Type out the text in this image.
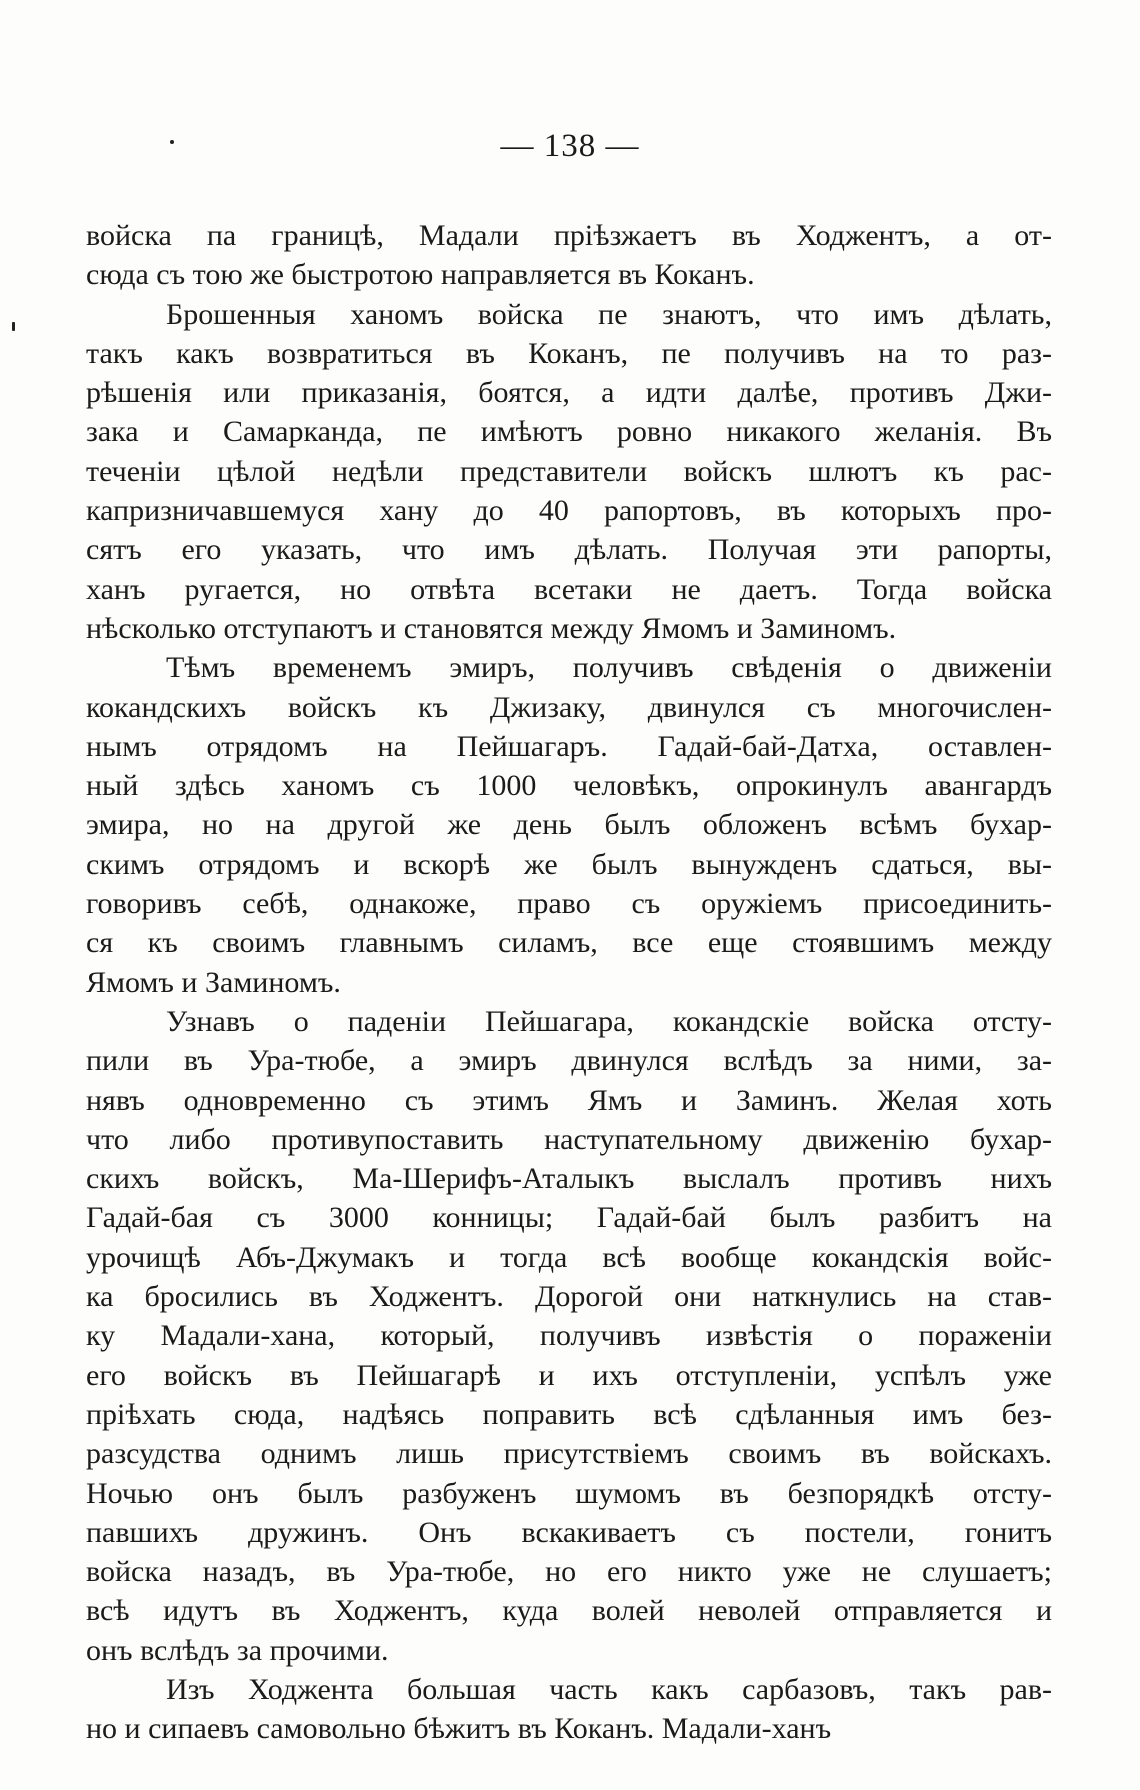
— 138 —
войска па границѣ, Мадали пріѣзжаетъ въ Ходжентъ, а от-
сюда съ тою же быстротою направляется въ Коканъ.
Брошенныя ханомъ войска пе знаютъ, что имъ дѣлать,
такъ какъ возвратиться въ Коканъ, пе получивъ на то раз-
рѣшенія или приказанія, боятся, а идти далѣе, противъ Джи-
зака и Самарканда, пе имѣютъ ровно никакого желанія. Въ
теченіи цѣлой недѣли представители войскъ шлютъ къ рас-
капризничавшемуся хану до 40 рапортовъ, въ которыхъ про-
сятъ его указать, что имъ дѣлать. Получая эти рапорты,
ханъ ругается, но отвѣта всетаки не даетъ. Тогда войска
нѣсколько отступаютъ и становятся между Ямомъ и Заминомъ.
Тѣмъ временемъ эмиръ, получивъ свѣденія о движеніи
кокандскихъ войскъ къ Джизаку, двинулся съ многочислен-
нымъ отрядомъ на Пейшагаръ. Гадай-бай-Датха, оставлен-
ный здѣсь ханомъ съ 1000 человѣкъ, опрокинулъ авангардъ
эмира, но на другой же день былъ обложенъ всѣмъ бухар-
скимъ отрядомъ и вскорѣ же былъ вынужденъ сдаться, вы-
говоривъ себѣ, однакоже, право съ оружіемъ присоединить-
ся къ своимъ главнымъ силамъ, все еще стоявшимъ между
Ямомъ и Заминомъ.
Узнавъ о паденіи Пейшагара, кокандскіе войска отсту-
пили въ Ура-тюбе, а эмиръ двинулся вслѣдъ за ними, за-
нявъ одновременно съ этимъ Ямъ и Заминъ. Желая хоть
что либо противупоставить наступательному движенію бухар-
скихъ войскъ, Ма-Шерифъ-Аталыкъ выслалъ противъ нихъ
Гадай-бая съ 3000 конницы; Гадай-бай былъ разбитъ на
урочищѣ Абъ-Джумакъ и тогда всѣ вообще кокандскія войс-
ка бросились въ Ходжентъ. Дорогой они наткнулись на став-
ку Мадали-хана, который, получивъ извѣстія о пораженіи
его войскъ въ Пейшагарѣ и ихъ отступленіи, успѣлъ уже
пріѣхать сюда, надѣясь поправить всѣ сдѣланныя имъ без-
разсудства однимъ лишь присутствіемъ своимъ въ войскахъ.
Ночью онъ былъ разбуженъ шумомъ въ безпорядкѣ отсту-
павшихъ дружинъ. Онъ вскакиваетъ съ постели, гонитъ
войска назадъ, въ Ура-тюбе, но его никто уже не слушаетъ;
всѣ идутъ въ Ходжентъ, куда волей неволей отправляется и
онъ вслѣдъ за прочими.
Изъ Ходжента большая часть какъ сарбазовъ, такъ рав-
но и сипаевъ самовольно бѣжитъ въ Коканъ. Мадали-ханъ
